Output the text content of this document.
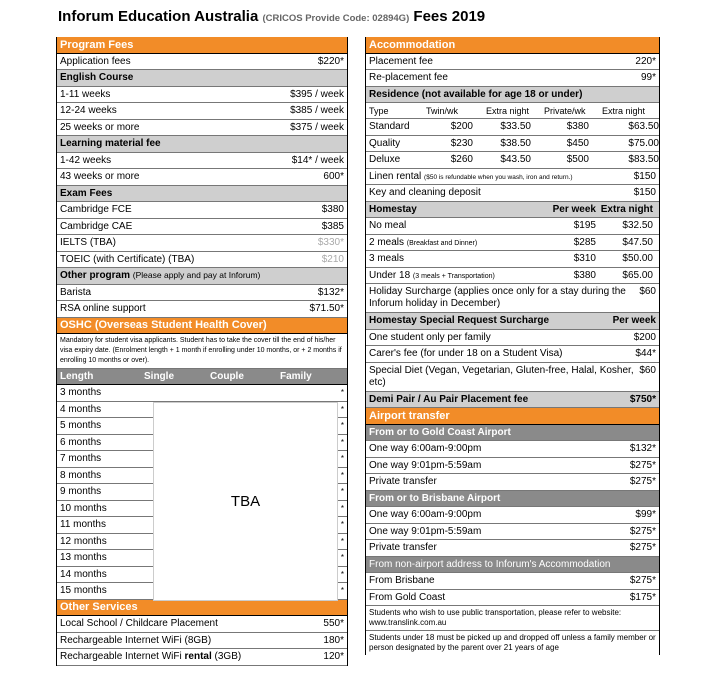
Inforum Education Australia (CRICOS Provide Code: 02894G) Fees 2019
Program Fees
Application fees	$220*
English Course
1-11 weeks	$395 / week
12-24 weeks	$385 / week
25 weeks or more	$375 / week
Learning material fee
1-42 weeks	$14* / week
43 weeks or more	600*
Exam Fees
Cambridge FCE	$380
Cambridge CAE	$385
IELTS (TBA)	$330*
TOEIC (with Certificate) (TBA)	$210
Other program (Please apply and pay at Inforum)
Barista	$132*
RSA online support	$71.50*
OSHC (Overseas Student Health Cover)
Mandatory for student visa applicants. Student has to take the cover till the end of his/her visa expiry date. (Enrolment length + 1 month if enrolling under 10 months, or + 2 months if enrolling 10 months or over).
Length	Single	Couple	Family
3 months	*
4 months	*
5 months	*
6 months	*
7 months	*
8 months	*
9 months	*
10 months	*
11 months	*
12 months	*
13 months	*
14 months	*
15 months	*
Other Services
Local School / Childcare Placement	550*
Rechargeable Internet WiFi (8GB)	180*
Rechargeable Internet WiFi rental (3GB)	120*
TBA
Accommodation
Placement fee	220*
Re-placement fee	99*
Residence (not available for age 18 or under)
Type	Twin/wk	Extra night	Private/wk	Extra night
Standard	$200	$33.50	$380	$63.50
Quality	$230	$38.50	$450	$75.00
Deluxe	$260	$43.50	$500	$83.50
Linen rental ($50 is refundable when you wash, iron and return.)	$150
Key and cleaning deposit	$150
Homestay	Per week Extra night
No meal	$195	$32.50
2 meals (Breakfast and Dinner)	$285	$47.50
3 meals	$310	$50.00
Under 18 (3 meals + Transportation)	$380	$65.00
Holiday Surcharge (applies once only for a stay during the Inforum holiday in December)
$60
Homestay Special Request Surcharge	Per week
One student only per family	$200
Carer's fee (for under 18 on a Student Visa)	$44*
Special Diet (Vegan, Vegetarian, Gluten-free, Halal, Kosher, etc)
$60
Demi Pair / Au Pair Placement fee	$750*
Airport transfer
From or to Gold Coast Airport
One way 6:00am-9:00pm	$132*
One way 9:01pm-5:59am	$275*
Private transfer	$275*
From or to Brisbane Airport
One way 6:00am-9:00pm	$99*
One way 9:01pm-5:59am	$275*
Private transfer	$275*
From non-airport address to Inforum's Accommodation
From Brisbane	$275*
From Gold Coast	$175*
Students who wish to use public transportation, please refer to website: www.translink.com.au
Students under 18 must be picked up and dropped off unless a family member or person designated by the parent over 21 years of age
